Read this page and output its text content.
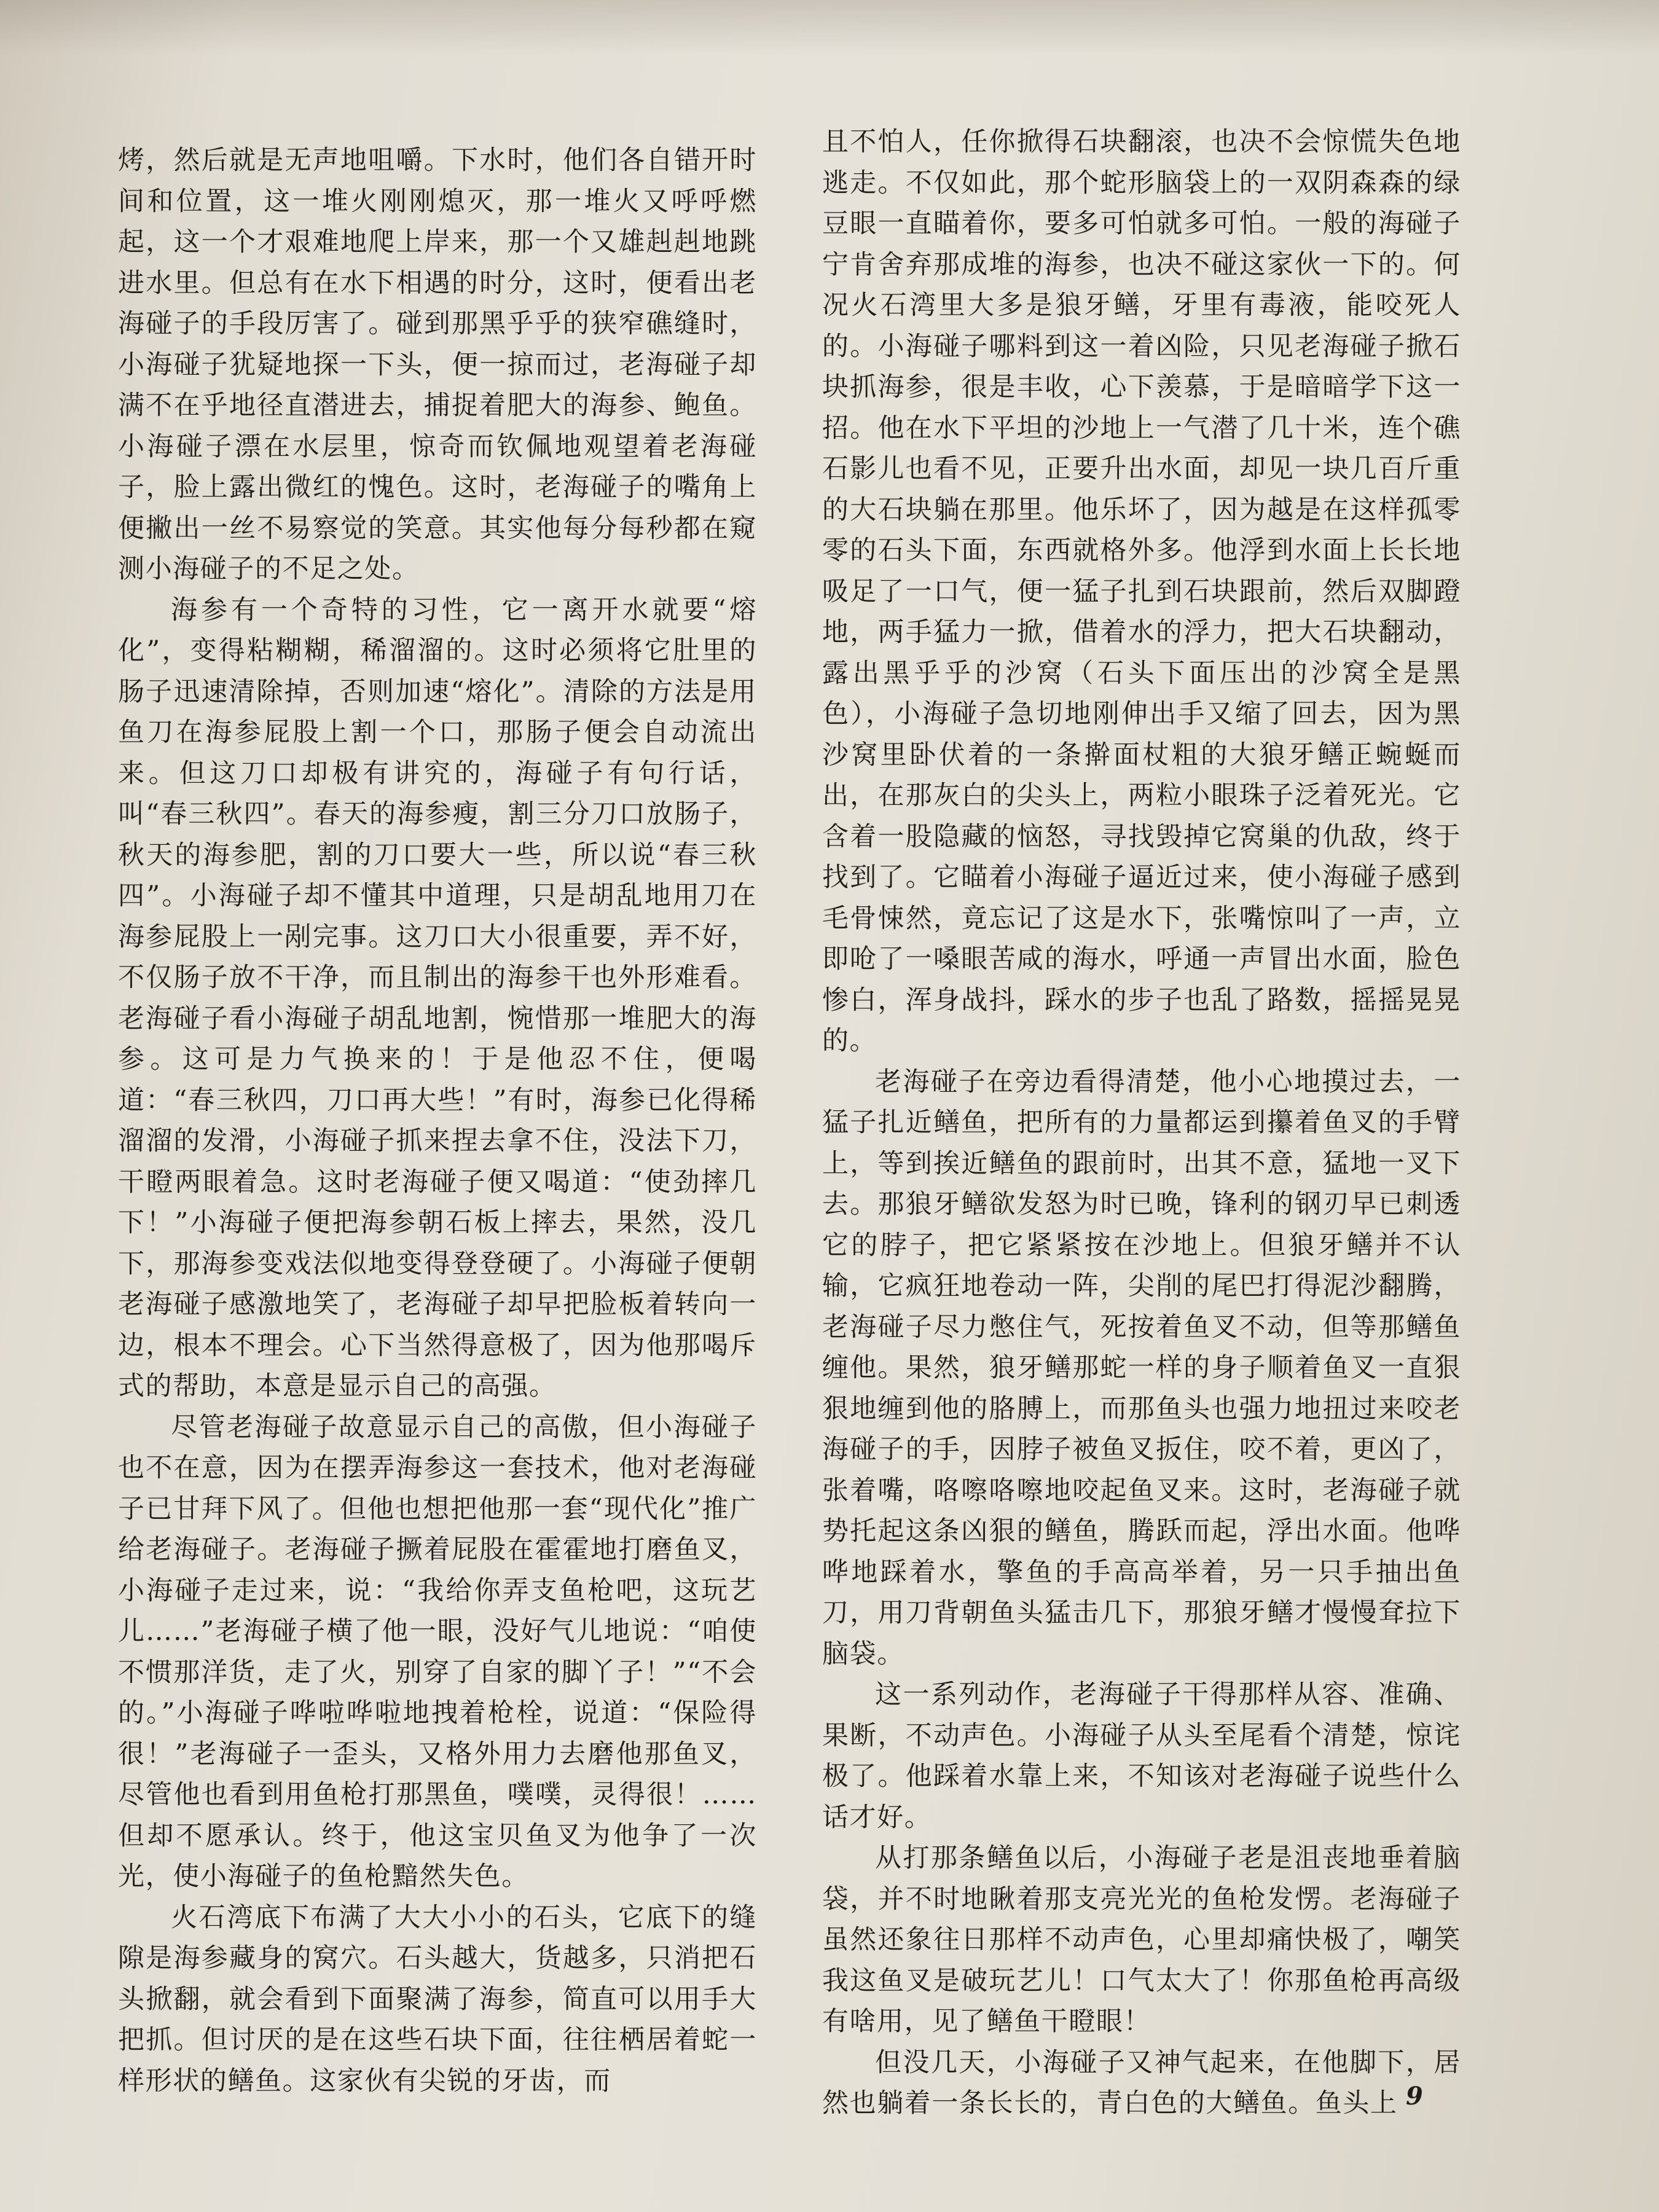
烤，然后就是无声地咀嚼。下水时，他们各自错开时间和位置，这一堆火刚刚熄灭，那一堆火又呼呼燃起，这一个才艰难地爬上岸来，那一个又雄赳赳地跳进水里。但总有在水下相遇的时分，这时，便看出老海碰子的手段厉害了。碰到那黑乎乎的狭窄礁缝时，小海碰子犹疑地探一下头，便一掠而过，老海碰子却满不在乎地径直潜进去，捕捉着肥大的海参、鲍鱼。小海碰子漂在水层里，惊奇而钦佩地观望着老海碰子，脸上露出微红的愧色。这时，老海碰子的嘴角上便撇出一丝不易察觉的笑意。其实他每分每秒都在窥测小海碰子的不足之处。

海参有一个奇特的习性，它一离开水就要“熔化”，变得粘糊糊，稀溜溜的。这时必须将它肚里的肠子迅速清除掉，否则加速“熔化”。清除的方法是用鱼刀在海参屁股上割一个口，那肠子便会自动流出来。但这刀口却极有讲究的，海碰子有句行话，叫“春三秋四”。春天的海参瘦，割三分刀口放肠子，秋天的海参肥，割的刀口要大一些，所以说“春三秋四”。小海碰子却不懂其中道理，只是胡乱地用刀在海参屁股上一剐完事。这刀口大小很重要，弄不好，不仅肠子放不干净，而且制出的海参干也外形难看。老海碰子看小海碰子胡乱地割，惋惜那一堆肥大的海参。这可是力气换来的！于是他忍不住，便喝道：“春三秋四，刀口再大些！”有时，海参已化得稀溜溜的发滑，小海碰子抓来捏去拿不住，没法下刀，干瞪两眼着急。这时老海碰子便又喝道：“使劲摔几下！”小海碰子便把海参朝石板上摔去，果然，没几下，那海参变戏法似地变得登登硬了。小海碰子便朝老海碰子感激地笑了，老海碰子却早把脸板着转向一边，根本不理会。心下当然得意极了，因为他那喝斥式的帮助，本意是显示自己的高强。

尽管老海碰子故意显示自己的高傲，但小海碰子也不在意，因为在摆弄海参这一套技术，他对老海碰子已甘拜下风了。但他也想把他那一套“现代化”推广给老海碰子。老海碰子撅着屁股在霍霍地打磨鱼叉，小海碰子走过来，说：“我给你弄支鱼枪吧，这玩艺儿……”老海碰子横了他一眼，没好气儿地说：“咱使不惯那洋货，走了火，别穿了自家的脚丫子！”“不会的。”小海碰子哗啦哗啦地拽着枪栓，说道：“保险得很！”老海碰子一歪头，又格外用力去磨他那鱼叉，尽管他也看到用鱼枪打那黑鱼，噗噗，灵得很！……但却不愿承认。终于，他这宝贝鱼叉为他争了一次光，使小海碰子的鱼枪黯然失色。

火石湾底下布满了大大小小的石头，它底下的缝隙是海参藏身的窝穴。石头越大，货越多，只消把石头掀翻，就会看到下面聚满了海参，简直可以用手大把抓。但讨厌的是在这些石块下面，往往栖居着蛇一样形状的鳝鱼。这家伙有尖锐的牙齿，而

且不怕人，任你掀得石块翻滚，也决不会惊慌失色地逃走。不仅如此，那个蛇形脑袋上的一双阴森森的绿豆眼一直瞄着你，要多可怕就多可怕。一般的海碰子宁肯舍弃那成堆的海参，也决不碰这家伙一下的。何况火石湾里大多是狼牙鳝，牙里有毒液，能咬死人的。小海碰子哪料到这一着凶险，只见老海碰子掀石块抓海参，很是丰收，心下羡慕，于是暗暗学下这一招。他在水下平坦的沙地上一气潜了几十米，连个礁石影儿也看不见，正要升出水面，却见一块几百斤重的大石块躺在那里。他乐坏了，因为越是在这样孤零零的石头下面，东西就格外多。他浮到水面上长长地吸足了一口气，便一猛子扎到石块跟前，然后双脚蹬地，两手猛力一掀，借着水的浮力，把大石块翻动，露出黑乎乎的沙窝（石头下面压出的沙窝全是黑色），小海碰子急切地刚伸出手又缩了回去，因为黑沙窝里卧伏着的一条擀面杖粗的大狼牙鳝正蜿蜒而出，在那灰白的尖头上，两粒小眼珠子泛着死光。它含着一股隐藏的恼怒，寻找毁掉它窝巢的仇敌，终于找到了。它瞄着小海碰子逼近过来，使小海碰子感到毛骨悚然，竟忘记了这是水下，张嘴惊叫了一声，立即呛了一嗓眼苦咸的海水，呼通一声冒出水面，脸色惨白，浑身战抖，踩水的步子也乱了路数，摇摇晃晃的。

老海碰子在旁边看得清楚，他小心地摸过去，一猛子扎近鳝鱼，把所有的力量都运到攥着鱼叉的手臂上，等到挨近鳝鱼的跟前时，出其不意，猛地一叉下去。那狼牙鳝欲发怒为时已晚，锋利的钢刃早已刺透它的脖子，把它紧紧按在沙地上。但狼牙鳝并不认输，它疯狂地卷动一阵，尖削的尾巴打得泥沙翻腾，老海碰子尽力憋住气，死按着鱼叉不动，但等那鳝鱼缠他。果然，狼牙鳝那蛇一样的身子顺着鱼叉一直狠狠地缠到他的胳膊上，而那鱼头也强力地扭过来咬老海碰子的手，因脖子被鱼叉扳住，咬不着，更凶了，张着嘴，咯嚓咯嚓地咬起鱼叉来。这时，老海碰子就势托起这条凶狠的鳝鱼，腾跃而起，浮出水面。他哗哗地踩着水，擎鱼的手高高举着，另一只手抽出鱼刀，用刀背朝鱼头猛击几下，那狼牙鳝才慢慢耷拉下脑袋。

这一系列动作，老海碰子干得那样从容、准确、果断，不动声色。小海碰子从头至尾看个清楚，惊诧极了。他踩着水靠上来，不知该对老海碰子说些什么话才好。

从打那条鳝鱼以后，小海碰子老是沮丧地垂着脑袋，并不时地瞅着那支亮光光的鱼枪发愣。老海碰子虽然还象往日那样不动声色，心里却痛快极了，嘲笑我这鱼叉是破玩艺儿！口气太大了！你那鱼枪再高级有啥用，见了鳝鱼干瞪眼！

但没几天，小海碰子又神气起来，在他脚下，居然也躺着一条长长的，青白色的大鳝鱼。鱼头上 9
